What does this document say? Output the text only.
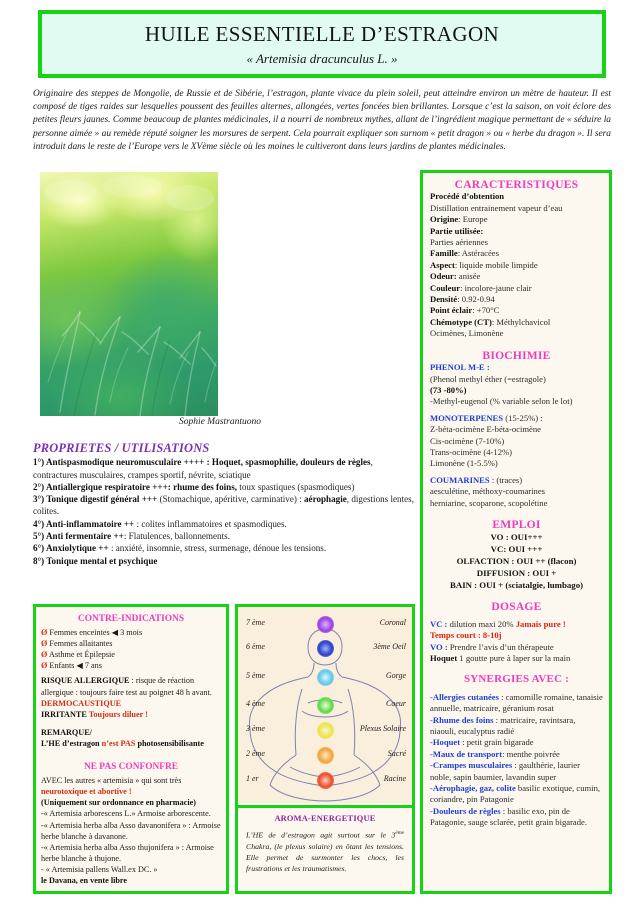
HUILE ESSENTIELLE D’ESTRAGON
« Artemisia dracunculus L. »
Originaire des steppes de Mongolie, de Russie et de Sibérie, l’estragon, plante vivace du plein soleil, peut atteindre environ un mètre de hauteur. Il est composé de tiges raides sur lesquelles poussent des feuilles alternes, allongées, vertes foncées bien brillantes. Lorsque c’est la saison, on voit éclore des petites fleurs jaunes. Comme beaucoup de plantes médicinales, il a nourri de nombreux mythes, allant de l’ingrédient magique permettant de « séduire la personne aimée » au remède réputé soigner les morsures de serpent. Cela pourrait expliquer son surnom « petit dragon » ou « herbe du dragon ». Il sera introduit dans le reste de l’Europe vers le XVème siècle où les moines le cultiveront dans leurs jardins de plantes médicinales.
Sophie Mastrantuono
CARACTERISTIQUES
Procédé d’obtention
Distillation entrainement vapeur d’eau
Origine: Europe
Partie utilisée:
Parties aériennes
Famille: Astéracées
Aspect: liquide mobile limpide
Odeur: anisée
Couleur: incolore-jaune clair
Densité: 0.92-0.94
Point éclair: +70°C
Chémotype (CT): Méthylchavicol
Ocimènes, Limonène
BIOCHIMIE
PHENOL M-E :
(Phenol methyl éther (=estragole)
(73 -80%)
-Methyl-eugenol (% variable selon le lot)
MONOTERPENES (15-25%) :
Z-béta-ocimène E-béta-ocimène
Cis-ocimène (7-10%)
Trans-ocimène (4-12%)
Limonène (1-5.5%)
COUMARINES : (traces)
aesculétine, méthoxy-coumarines
herniarine, scoparone, scopolétine
EMPLOI
VO : OUI+++
VC: OUI +++
OLFACTION : OUI ++ (flacon)
DIFFUSION : OUI +
BAIN : OUI + (sciatalgie, lumbago)
DOSAGE
VC : dilution maxi 20% Jamais pure !
Temps court : 8-10j
VO : Prendre l’avis d’un thérapeute
Hoquet 1 goutte pure à laper sur la main
SYNERGIES AVEC :
-Allergies cutanées : camomille romaine, tanaisie annuelle, matricaire, géranium rosat
-Rhume des foins : matricaire, ravintsara, niaouli, eucalyptus radié
-Hoquet : petit grain bigarade
-Maux de transport: menthe poivrée
-Crampes musculaires : gaulthérie, laurier noble, sapin baumier, lavandin super
-Aérophagie, gaz, colite basilic exotique, cumin, coriandre, pin Patagonie
-Douleurs de règles : basilic exo, pin de Patagonie, sauge sclarée, petit grain bigarade.
PROPRIETES / UTILISATIONS

1°) Antispasmodique neuromusculaire ++++ : Hoquet, spasmophilie, douleurs de règles, contractures musculaires, crampes sportif, névrite, sciatique

2°) Antiallergique respiratoire +++: rhume des foins, toux spastiques (spasmodiques)

3°) Tonique digestif général +++ (Stomachique, apéritive, carminative) : aérophagie, digestions lentes, colites.

4°) Anti-inflammatoire ++ : colites inflammatoires et spasmodiques.

5°) Anti fermentaire ++: Flatulences, ballonnements.

6°) Anxiolytique ++ : anxiété, insomnie, stress, surmenage, dénoue les tensions.

8°) Tonique mental et psychique

CONTRE-INDICATIONS

Ø Femmes enceintes ◀ 3 mois

Ø Femmes allaitantes

Ø Asthme et Épilepsie

Ø Enfants ◀ 7 ans

RISQUE ALLERGIQUE : risque de réaction allergique : toujours faire test au poignet 48 h avant.

DERMOCAUSTIQUE

IRRITANTE Toujours diluer !

REMARQUE/

L’HE d’estragon n’est PAS photosensibilisante

NE PAS CONFONFRE

AVEC les autres « artemisia » qui sont très neurotoxique et abortive !

(Uniquement sur ordonnance en pharmacie)

-« Artemisia arborescens L.» Armoise arborescente.

-« Artemisia herba alba Asso davanonifera » : Armoise herbe blanche à davanone.

-« Artemisia herba alba Asso thujonifera » : Armoise herbe blanche à thujone.

- « Artemisia pallens Wall.ex DC. »

le Davana, en vente libre

7 ème
6 ème
5 ème
4 ème
3 ème
2 ème
1 er
Coronal
3ème Oeil
Gorge
Coeur
Plexus Solaire
Sacré
Racine
AROMA-ENERGETIQUE
L’HE de d’estragon agit surtout sur le 3ème Chakra, (le plexus solaire) en ôtant les tensions. Elle permet de surmonter les chocs, les frustrations et les traumatismes.
